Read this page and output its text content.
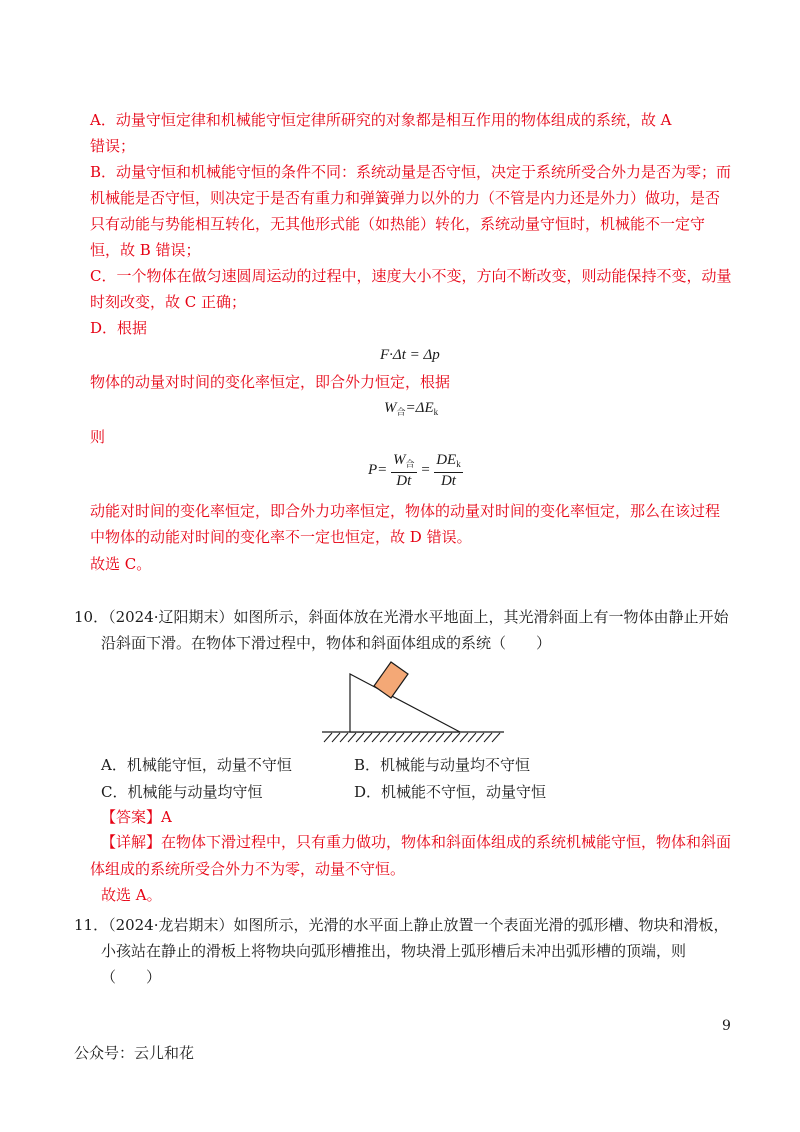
A．动量守恒定律和机械能守恒定律所研究的对象都是相互作用的物体组成的系统，故 A
错误；
B．动量守恒和机械能守恒的条件不同：系统动量是否守恒，决定于系统所受合外力是否为零；而
机械能是否守恒，则决定于是否有重力和弹簧弹力以外的力（不管是内力还是外力）做功，是否
只有动能与势能相互转化，无其他形式能（如热能）转化，系统动量守恒时，机械能不一定守
恒，故 B 错误；
C．一个物体在做匀速圆周运动的过程中，速度大小不变，方向不断改变，则动能保持不变，动量
时刻改变，故 C 正确；
D．根据
F·Δt = Δp
物体的动量对时间的变化率恒定，即合外力恒定，根据
$W_合=\Delta E_k$
则
$P= \frac{W_合}{Dt} = \frac{DE_k}{Dt}$
动能对时间的变化率恒定，即合外力功率恒定，物体的动量对时间的变化率恒定，那么在该过程
中物体的动能对时间的变化率不一定也恒定，故 D 错误。
故选 C。
10．（2024·辽阳期末）如图所示，斜面体放在光滑水平地面上，其光滑斜面上有一物体由静止开始
沿斜面下滑。在物体下滑过程中，物体和斜面体组成的系统（　　）
A．机械能守恒，动量不守恒	B．机械能与动量均不守恒
C．机械能与动量均守恒	D．机械能不守恒，动量守恒
【答案】A
【详解】在物体下滑过程中，只有重力做功，物体和斜面体组成的系统机械能守恒，物体和斜面
体组成的系统所受合外力不为零，动量不守恒。
故选 A。
11．（2024·龙岩期末）如图所示，光滑的水平面上静止放置一个表面光滑的弧形槽、物块和滑板，
小孩站在静止的滑板上将物块向弧形槽推出，物块滑上弧形槽后未冲出弧形槽的顶端，则
（　　）
9
公众号：云儿和花
